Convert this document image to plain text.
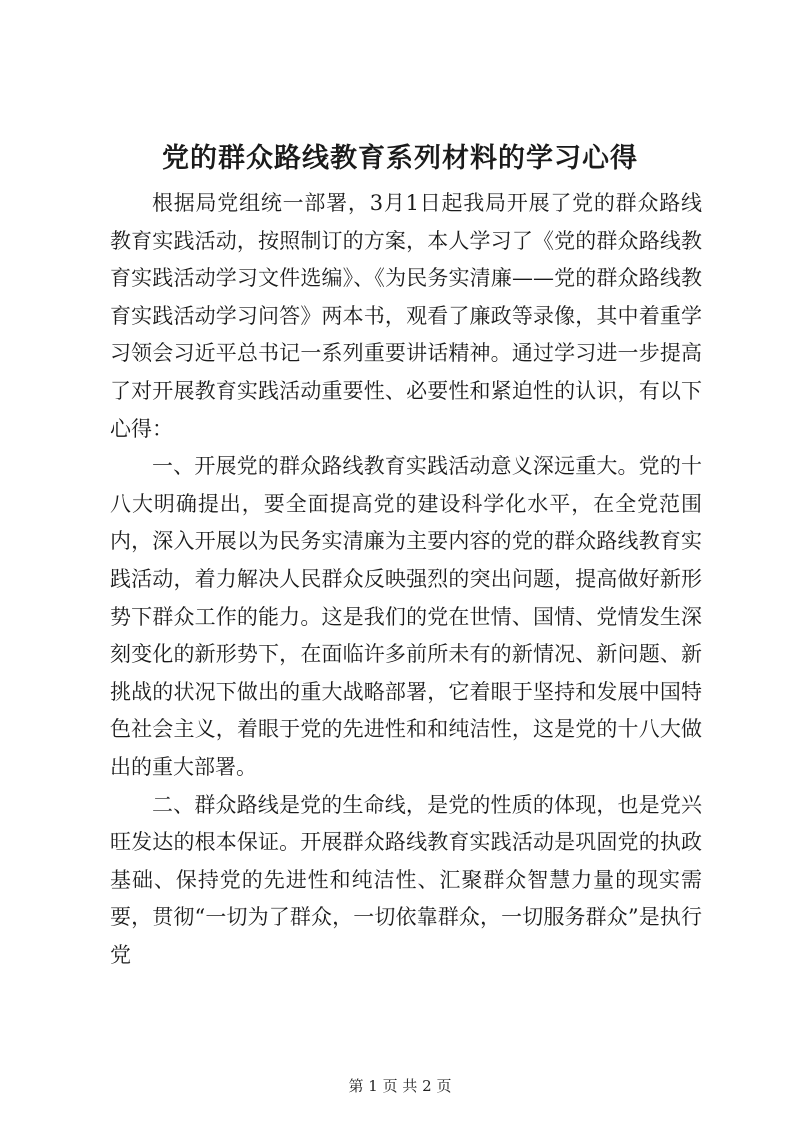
党的群众路线教育系列材料的学习心得

根据局党组统一部署，3月1日起我局开展了党的群众路线教育实践活动，按照制订的方案，本人学习了《党的群众路线教育实践活动学习文件选编》、《为民务实清廉——党的群众路线教育实践活动学习问答》两本书，观看了廉政等录像，其中着重学习领会习近平总书记一系列重要讲话精神。通过学习进一步提高了对开展教育实践活动重要性、必要性和紧迫性的认识，有以下心得：

一、开展党的群众路线教育实践活动意义深远重大。党的十八大明确提出，要全面提高党的建设科学化水平，在全党范围内，深入开展以为民务实清廉为主要内容的党的群众路线教育实践活动，着力解决人民群众反映强烈的突出问题，提高做好新形势下群众工作的能力。这是我们的党在世情、国情、党情发生深刻变化的新形势下，在面临许多前所未有的新情况、新问题、新挑战的状况下做出的重大战略部署，它着眼于坚持和发展中国特色社会主义，着眼于党的先进性和和纯洁性，这是党的十八大做出的重大部署。

二、群众路线是党的生命线，是党的性质的体现，也是党兴旺发达的根本保证。开展群众路线教育实践活动是巩固党的执政基础、保持党的先进性和纯洁性、汇聚群众智慧力量的现实需要，贯彻“一切为了群众，一切依靠群众，一切服务群众”是执行党

第 1 页 共 2 页
